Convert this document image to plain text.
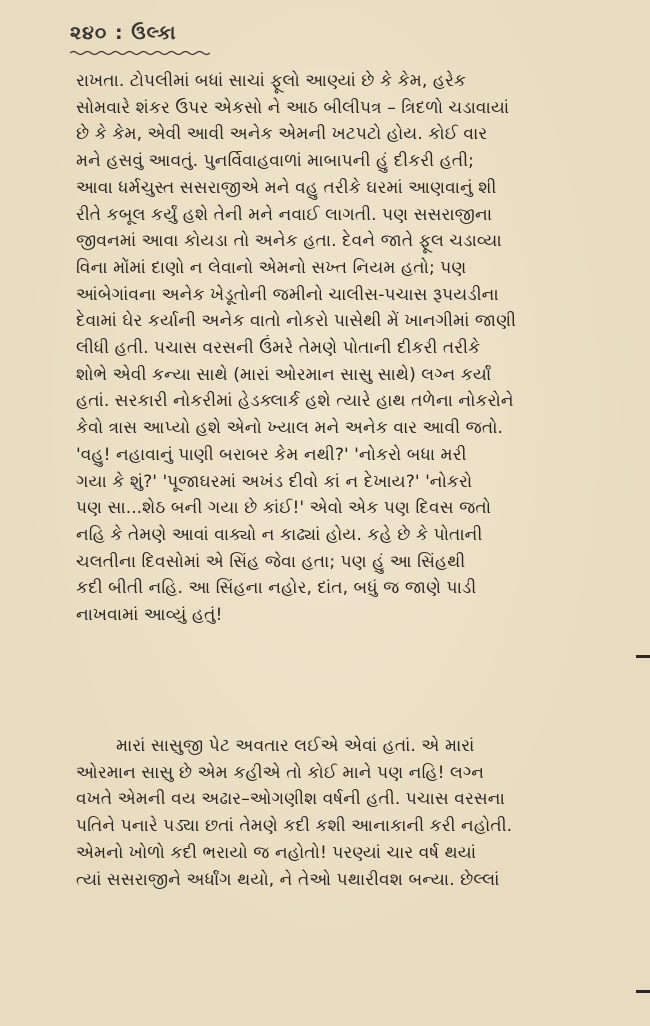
૨૪૦ : ઉલ્કા

રાખતા. ટોપલીમાં બધાં સાચાં ફૂલો આણ્યાં છે કે કેમ, હરેક
સોમવારે શંકર ઉપર એકસો ને આઠ બીલીપત્ર – ત્રિદળો ચડાવાયાં
છે કે કેમ, એવી આવી અનેક એમની ખટપટો હોય. કોઈ વાર
મને હસવું આવતું. પુનર્વિવાહવાળાં માબાપની હું દીકરી હતી;
આવા ધર્મચુસ્ત સસરાજીએ મને વહુ તરીકે ઘરમાં આણવાનું શી
રીતે કબૂલ કર્યું હશે તેની મને નવાઈ લાગતી. પણ સસરાજીના
જીવનમાં આવા કોયડા તો અનેક હતા. દેવને જાતે ફૂલ ચડાવ્યા
વિના મોંમાં દાણો ન લેવાનો એમનો સખ્ત નિયમ હતો; પણ
આંબેગાંવના અનેક ખેડૂતોની જમીનો ચાલીસ-પચાસ રૂપયડીના
દેવામાં ઘેર કર્યાની અનેક વાતો નોકરો પાસેથી મેં ખાનગીમાં જાણી
લીધી હતી. પચાસ વરસની ઉંમરે તેમણે પોતાની દીકરી તરીકે
શોભે એવી કન્યા સાથે (મારાં ઓરમાન સાસુ સાથે) લગ્ન કર્યાં
હતાં. સરકારી નોકરીમાં હેડક્લાર્ક હશે ત્યારે હાથ તળેના નોકરોને
કેવો ત્રાસ આપ્યો હશે એનો ખ્યાલ મને અનેક વાર આવી જતો.
'વહુ! નહાવાનું પાણી બરાબર કેમ નથી?' 'નોકરો બધા મરી
ગયા કે શું?' 'પૂજાઘરમાં અખંડ દીવો કાં ન દેખાય?' 'નોકરો
પણ સા...શેઠ બની ગયા છે કાંઈ!' એવો એક પણ દિવસ જતો
નહિ કે તેમણે આવાં વાક્યો ન કાઢ્યાં હોય. કહે છે કે પોતાની
ચલતીના દિવસોમાં એ સિંહ જેવા હતા; પણ હું આ સિંહથી
કદી બીતી નહિ. આ સિંહના નહોર, દાંત, બધું જ જાણે પાડી
નાખવામાં આવ્યું હતું!

મારાં સાસુજી પેટ અવતાર લઈએ એવાં હતાં. એ મારાં
ઓરમાન સાસુ છે એમ કહીએ તો કોઈ માને પણ નહિ! લગ્ન
વખતે એમની વય અઢાર–ઓગણીશ વર્ષની હતી. પચાસ વરસના
પતિને પનારે પડ્યા છતાં તેમણે કદી કશી આનાકાની કરી નહોતી.
એમનો ખોળો કદી ભરાયો જ નહોતો! પરણ્યાં ચાર વર્ષ થયાં
ત્યાં સસરાજીને અર્ધાંગ થયો, ને તેઓ પથારીવશ બન્યા. છેલ્લાં
